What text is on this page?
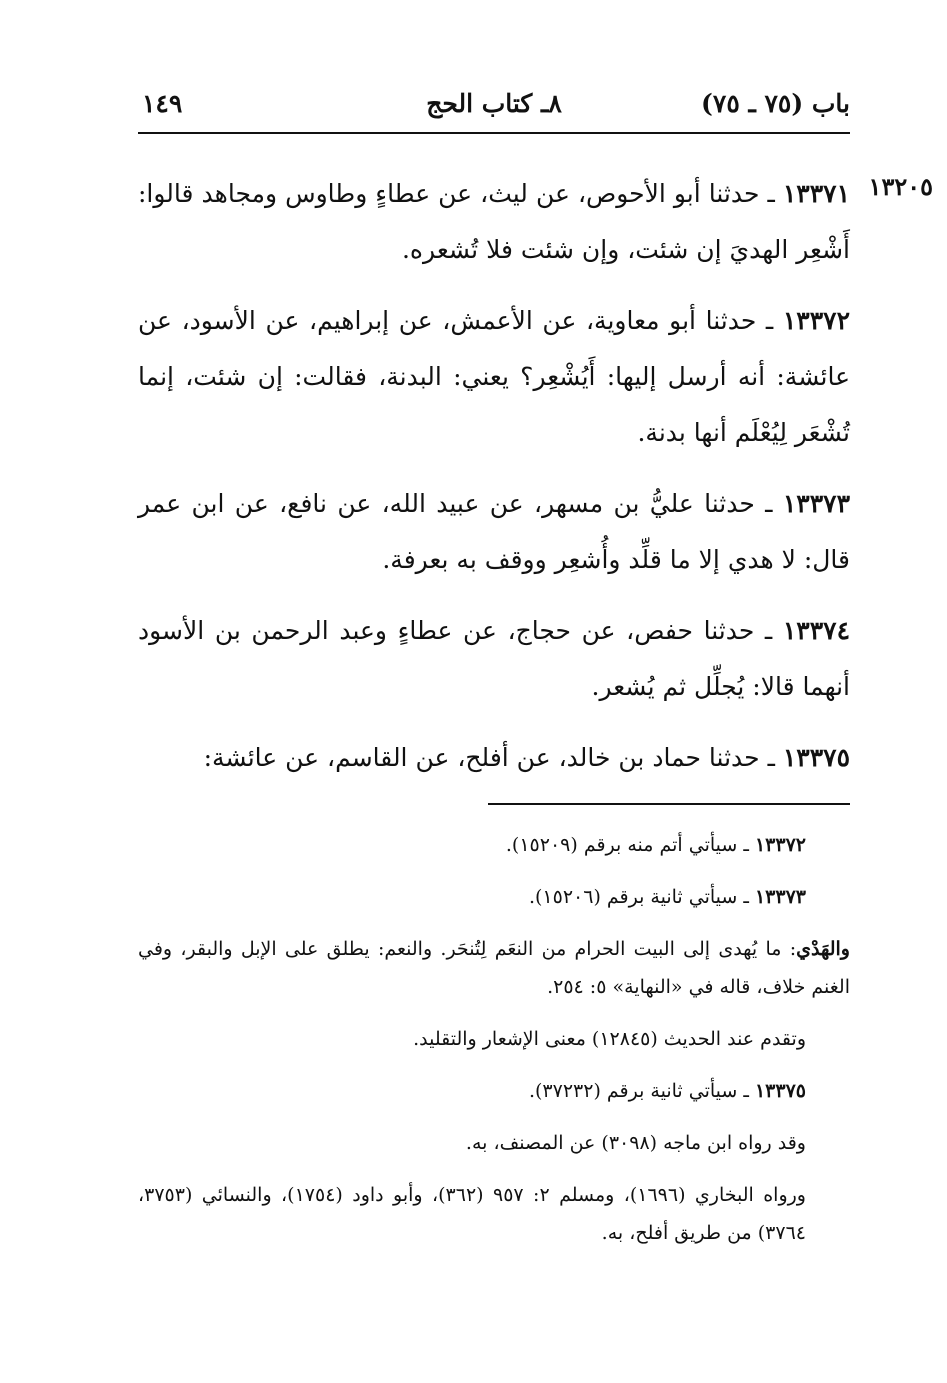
باب (٧٥ ـ ٧٥)
٨ـ كتاب الحج
١٤٩
١٣٢٠٥

١٣٣٧١ ـ حدثنا أبو الأحوص، عن ليث، عن عطاءٍ وطاوس ومجاهد قالوا: أَشْعِر الهديَ إن شئت، وإن شئت فلا تُشعره.

١٣٣٧٢ ـ حدثنا أبو معاوية، عن الأعمش، عن إبراهيم، عن الأسود، عن عائشة: أنه أرسل إليها: أَيُشْعِر؟ يعني: البدنة، فقالت: إن شئت، إنما تُشْعَر لِيُعْلَم أنها بدنة.

١٣٣٧٣ ـ حدثنا عليُّ بن مسهر، عن عبيد الله، عن نافع، عن ابن عمر قال: لا هدي إلا ما قلِّد وأُشعِر ووقف به بعرفة.

١٣٣٧٤ ـ حدثنا حفص، عن حجاج، عن عطاءٍ وعبد الرحمن بن الأسود أنهما قالا: يُجلِّل ثم يُشعر.

١٣٣٧٥ ـ حدثنا حماد بن خالد، عن أفلح، عن القاسم، عن عائشة:

١٣٣٧٢ ـ سيأتي أتم منه برقم (١٥٢٠٩).

١٣٣٧٣ ـ سيأتي ثانية برقم (١٥٢٠٦).

والهَدْي: ما يُهدى إلى البيت الحرام من النعَم لِتُنحَر. والنعم: يطلق على الإبل والبقر، وفي الغنم خلاف، قاله في «النهاية» ٥: ٢٥٤.

وتقدم عند الحديث (١٢٨٤٥) معنى الإشعار والتقليد.

١٣٣٧٥ ـ سيأتي ثانية برقم (٣٧٢٣٢).

وقد رواه ابن ماجه (٣٠٩٨) عن المصنف، به.

ورواه البخاري (١٦٩٦)، ومسلم ٢: ٩٥٧ (٣٦٢)، وأبو داود (١٧٥٤)، والنسائي (٣٧٥٣، ٣٧٦٤) من طريق أفلح، به.
